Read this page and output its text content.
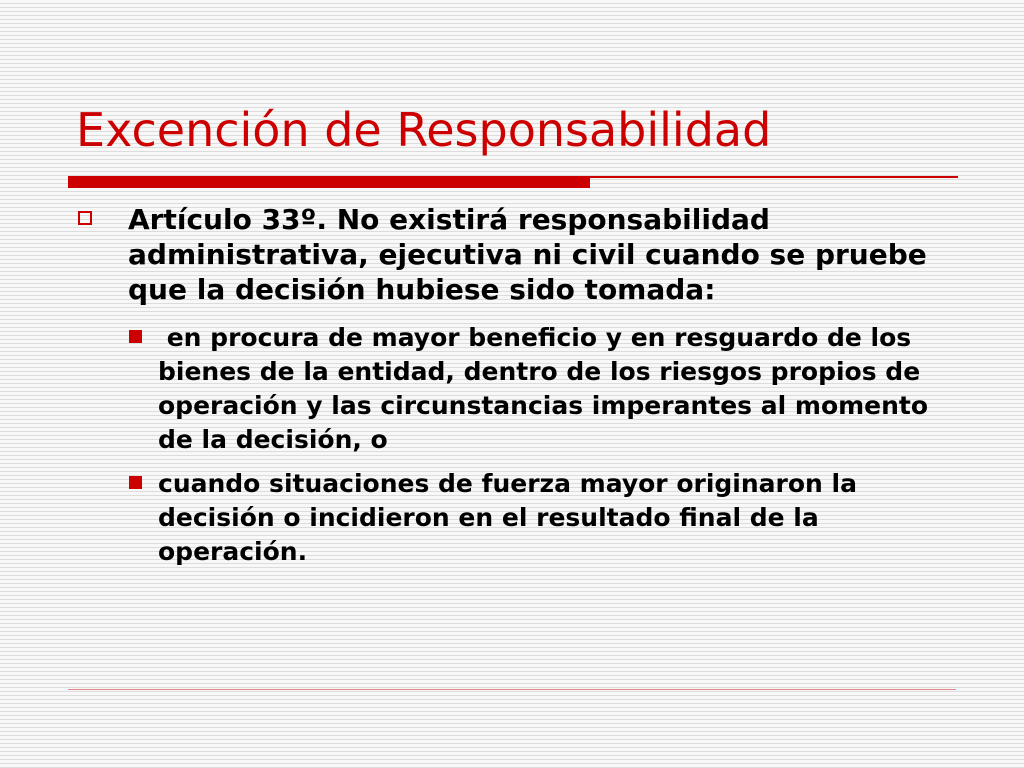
Excención de Responsabilidad

Artículo 33º. No existirá responsabilidad administrativa, ejecutiva ni civil cuando se pruebe que la decisión hubiese sido tomada:

en procura de mayor beneficio y en resguardo de los bienes de la entidad, dentro de los riesgos propios de operación y las circunstancias imperantes al momento de la decisión, o

cuando situaciones de fuerza mayor originaron la decisión o incidieron en el resultado final de la operación.
